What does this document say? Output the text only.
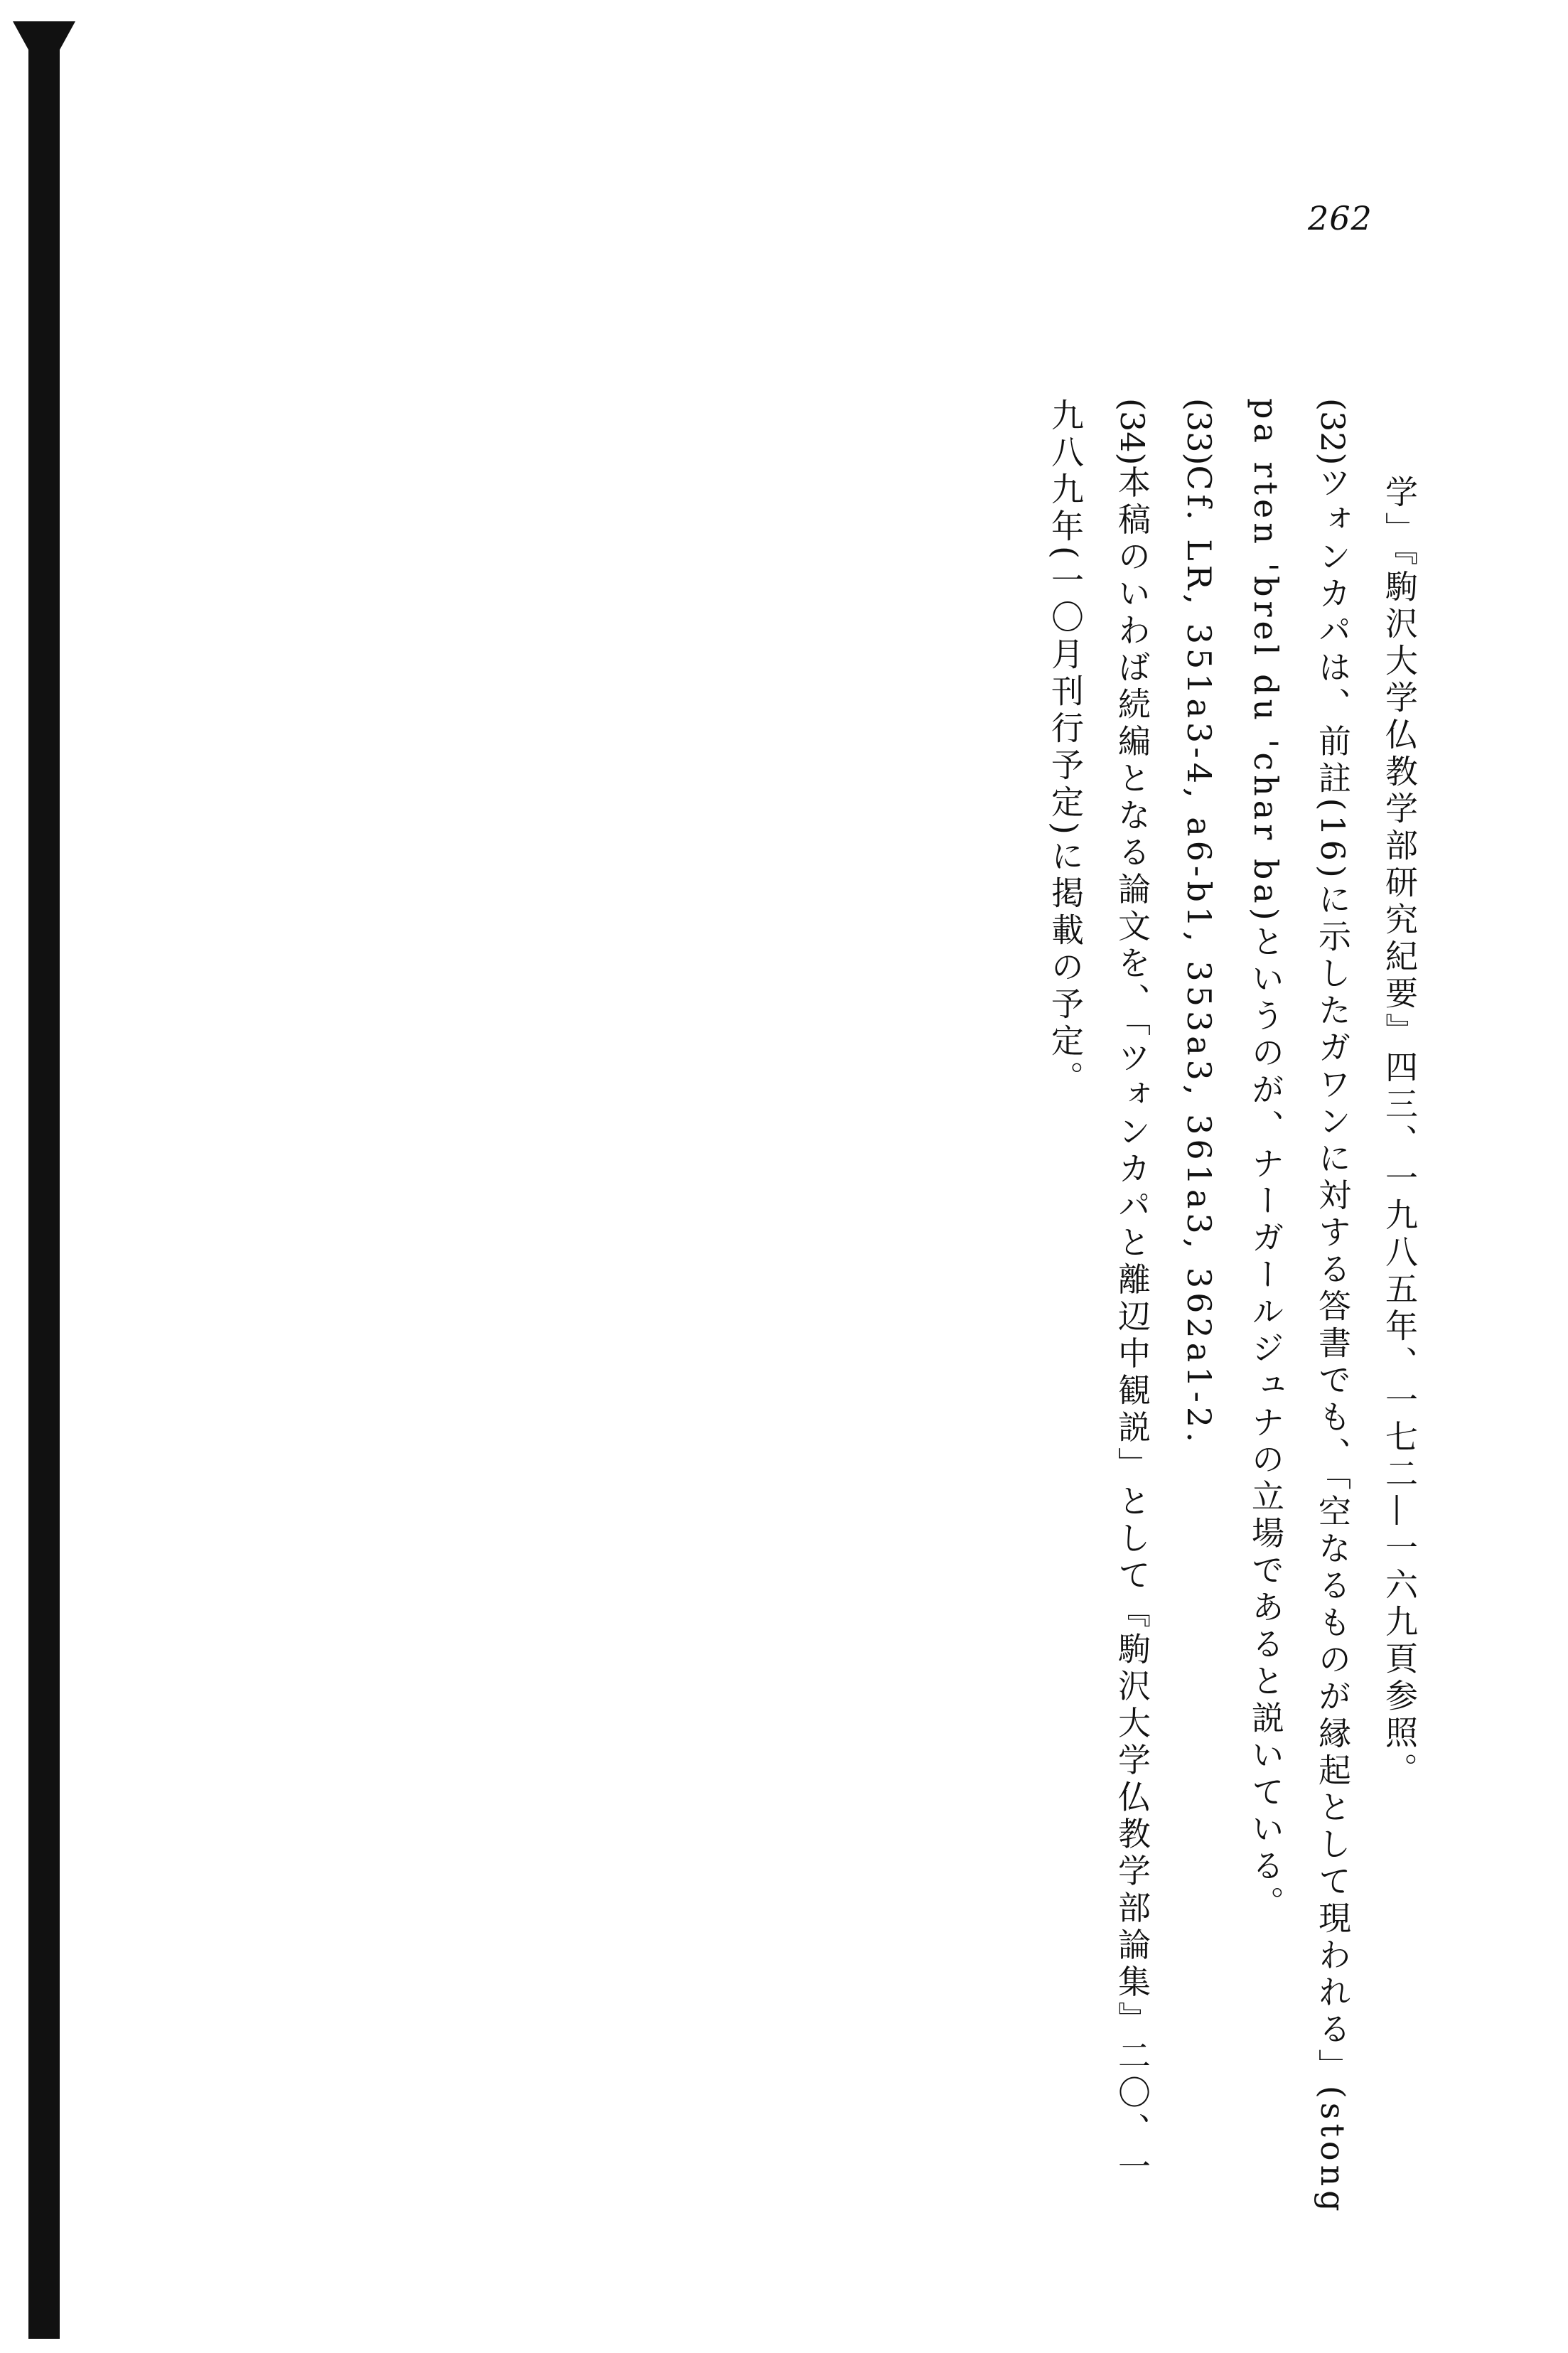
262
学」『駒沢大学仏教学部研究紀要』四三、一九八五年、一七二—一六九頁参照。
(32)ツォンカパは、前註(16)に示したガワンに対する答書でも、「空なるものが縁起として現われる」(stong
pa rten 'brel du 'char ba)というのが、ナーガールジュナの立場であると説いている。
(33)Cf. LR, 351a3-4, a6-b1, 353a3, 361a3, 362a1-2.
(34)本稿のいわば続編となる論文を、「ツォンカパと離辺中観説」として『駒沢大学仏教学部論集』二〇、一
九八九年(一〇月刊行予定)に掲載の予定。
